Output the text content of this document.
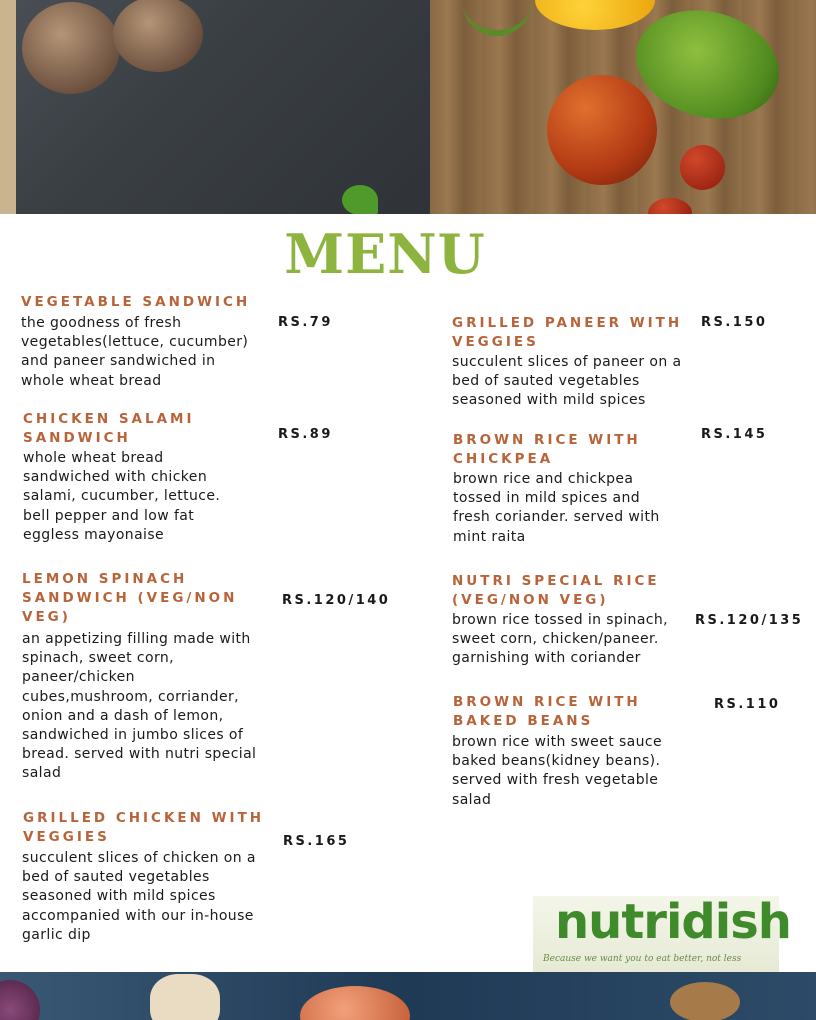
MENU
VEGETABLE SANDWICH
the goodness of fresh vegetables(lettuce, cucumber) and paneer sandwiched in whole wheat bread
RS.79
CHICKEN SALAMI SANDWICH
whole wheat bread sandwiched with chicken salami, cucumber, lettuce. bell pepper and low fat eggless mayonaise
RS.89
LEMON SPINACH SANDWICH (VEG/NON VEG)
an appetizing filling made with spinach, sweet corn, paneer/chicken cubes,mushroom, corriander, onion and a dash of lemon, sandwiched in jumbo slices of bread. served with nutri special salad
RS.120/140
GRILLED CHICKEN WITH VEGGIES
succulent slices of chicken on a bed of sauted vegetables seasoned with mild spices accompanied with our in-house garlic dip
RS.165
GRILLED PANEER WITH VEGGIES
succulent slices of paneer on a bed of sauted vegetables seasoned with mild spices
RS.150
BROWN RICE WITH CHICKPEA
brown rice and chickpea tossed in mild spices and fresh coriander. served with mint raita
RS.145
NUTRI SPECIAL RICE (VEG/NON VEG)
brown rice tossed in spinach, sweet corn, chicken/paneer. garnishing with coriander
RS.120/135
BROWN RICE WITH BAKED BEANS
brown rice with sweet sauce baked beans(kidney beans). served with fresh vegetable salad
RS.110
nutridish
Because we want you to eat better, not less
